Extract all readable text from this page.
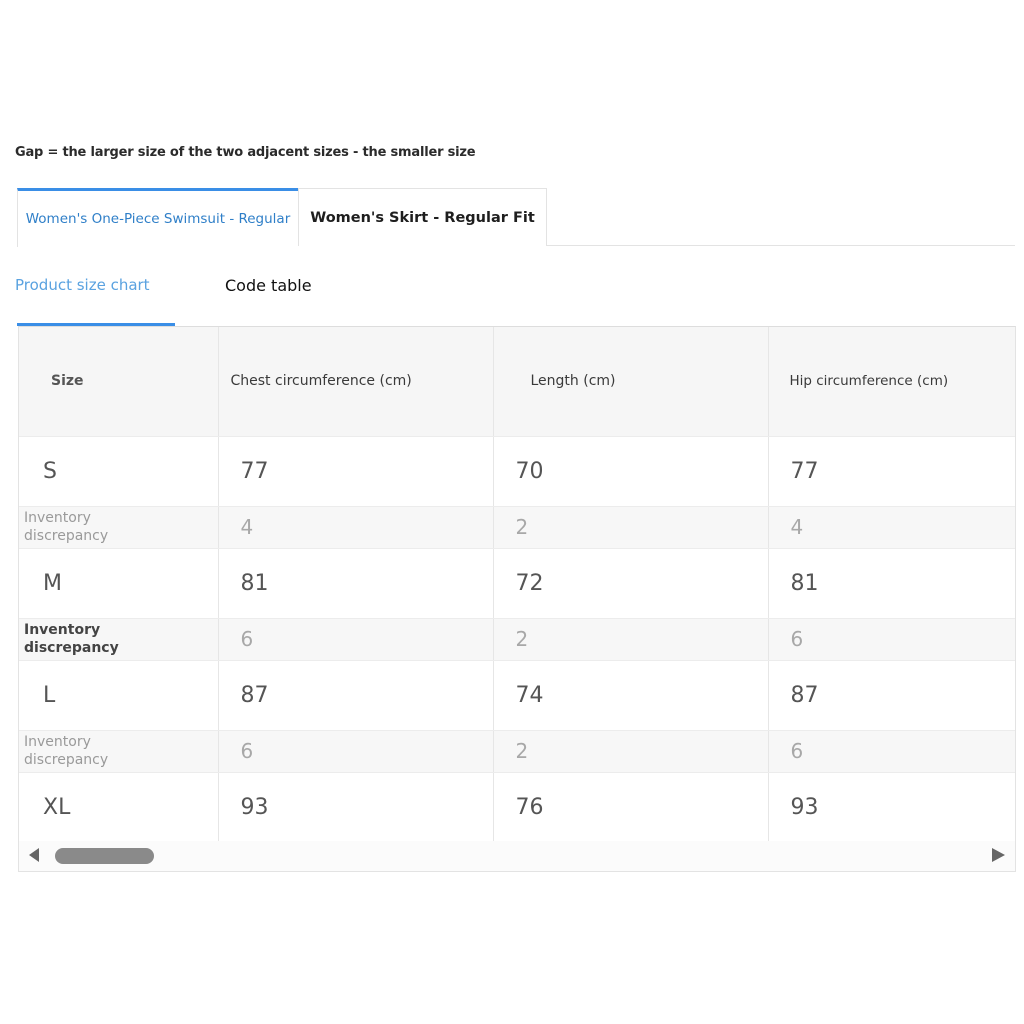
Gap = the larger size of the two adjacent sizes - the smaller size
Women's One-Piece Swimsuit - Regular	Women's Skirt - Regular Fit
Product size chart	Code table
Size	Chest circumference (cm)	Length (cm)	Hip circumference (cm)
S	77	70	77
Inventory
discrepancy	4	2	4
M	81	72	81
Inventory
discrepancy	6	2	6
L	87	74	87
Inventory
discrepancy	6	2	6
XL	93	76	93
